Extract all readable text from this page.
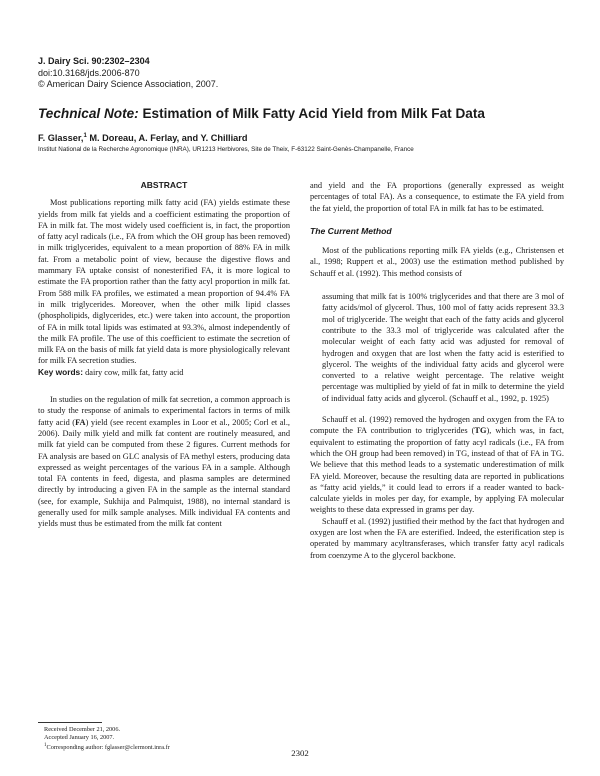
J. Dairy Sci. 90:2302–2304
doi:10.3168/jds.2006-870
© American Dairy Science Association, 2007.
Technical Note: Estimation of Milk Fatty Acid Yield from Milk Fat Data
F. Glasser,$^1$ M. Doreau, A. Ferlay, and Y. Chilliard
Institut National de la Recherche Agronomique (INRA), UR1213 Herbivores, Site de Theix, F-63122 Saint-Genès-Champanelle, France
ABSTRACT
Most publications reporting milk fatty acid (FA) yields estimate these yields from milk fat yields and a coefficient estimating the proportion of FA in milk fat. The most widely used coefficient is, in fact, the proportion of fatty acyl radicals (i.e., FA from which the OH group has been removed) in milk triglycerides, equivalent to a mean proportion of 88% FA in milk fat. From a metabolic point of view, because the digestive flows and mammary FA uptake consist of nonesterified FA, it is more logical to estimate the FA proportion rather than the fatty acyl proportion in milk fat. From 588 milk FA profiles, we estimated a mean proportion of 94.4% FA in milk triglycerides. Moreover, when the other milk lipid classes (phospholipids, diglycerides, etc.) were taken into account, the proportion of FA in milk total lipids was estimated at 93.3%, almost independently of the milk FA profile. The use of this coefficient to estimate the secretion of milk FA on the basis of milk fat yield data is more physiologically relevant for milk FA secretion studies.
Key words: dairy cow, milk fat, fatty acid
In studies on the regulation of milk fat secretion, a common approach is to study the response of animals to experimental factors in terms of milk fatty acid (FA) yield (see recent examples in Loor et al., 2005; Corl et al., 2006). Daily milk yield and milk fat content are routinely measured, and milk fat yield can be computed from these 2 figures. Current methods for FA analysis are based on GLC analysis of FA methyl esters, producing data expressed as weight percentages of the various FA in a sample. Although total FA contents in feed, digesta, and plasma samples are determined directly by introducing a given FA in the sample as the internal standard (see, for example, Sukhija and Palmquist, 1988), no internal standard is generally used for milk sample analyses. Milk individual FA contents and yields must thus be estimated from the milk fat content
and yield and the FA proportions (generally expressed as weight percentages of total FA). As a consequence, to estimate the FA yield from the fat yield, the proportion of total FA in milk fat has to be estimated.
The Current Method
Most of the publications reporting milk FA yields (e.g., Christensen et al., 1998; Ruppert et al., 2003) use the estimation method published by Schauff et al. (1992). This method consists of
assuming that milk fat is 100% triglycerides and that there are 3 mol of fatty acids/mol of glycerol. Thus, 100 mol of fatty acids represent 33.3 mol of triglyceride. The weight that each of the fatty acids and glycerol contribute to the 33.3 mol of triglyceride was calculated after the molecular weight of each fatty acid was adjusted for removal of hydrogen and oxygen that are lost when the fatty acid is esterified to glycerol. The weights of the individual fatty acids and glycerol were converted to a relative weight percentage. The relative weight percentage was multiplied by yield of fat in milk to determine the yield of individual fatty acids and glycerol. (Schauff et al., 1992, p. 1925)
Schauff et al. (1992) removed the hydrogen and oxygen from the FA to compute the FA contribution to triglycerides (TG), which was, in fact, equivalent to estimating the proportion of fatty acyl radicals (i.e., FA from which the OH group had been removed) in TG, instead of that of FA in TG. We believe that this method leads to a systematic underestimation of milk FA yield. Moreover, because the resulting data are reported in publications as “fatty acid yields,” it could lead to errors if a reader wanted to back-calculate yields in moles per day, for example, by applying FA molecular weights to these data expressed in grams per day.
Schauff et al. (1992) justified their method by the fact that hydrogen and oxygen are lost when the FA are esterified. Indeed, the esterification step is operated by mammary acyltransferases, which transfer fatty acyl radicals from coenzyme A to the glycerol backbone.
Received December 21, 2006.
Accepted January 16, 2007.
$^1$Corresponding author: fglasser@clermont.inra.fr	2302
